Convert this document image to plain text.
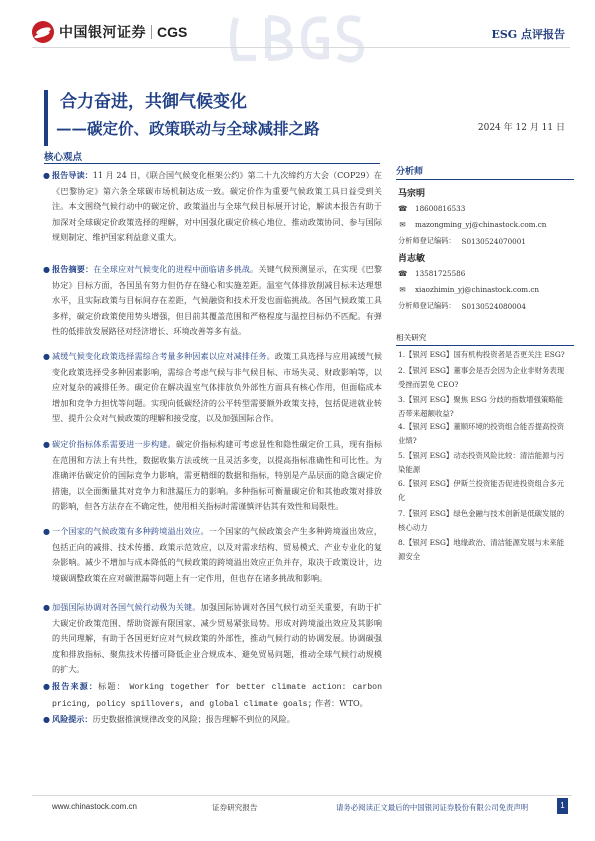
中国银河证券 CGS	ESG 点评报告
合力奋进，共御气候变化
——碳定价、政策联动与全球减排之路	2024 年 12 月 11 日
核心观点
● 报告导读：11 月 24 日，《联合国气候变化框架公约》第二十九次缔约方大会（COP29）在《巴黎协定》第六条全球碳市场机制达成一致。碳定价作为重要气候政策工具日益受到关注。本文围绕气候行动中的碳定价、政策溢出与全球气候目标展开讨论，解读本报告有助于加深对全球碳定价政策选择的理解，对中国强化碳定价核心地位、推动政策协同、参与国际规则制定、维护国家利益意义重大。
● 报告摘要：在全球应对气候变化的进程中面临诸多挑战。关键气候预测显示，在实现《巴黎协定》目标方面，各国虽有努力但仍存在缝心和实施差距。温室气体排放削减目标未达理想水平，且实际政策与目标间存在差距，气候融资和技术开发也面临挑战。各国气候政策工具多样，碳定价政策使用势头增强，但目前其覆盖范围和严格程度与温控目标仍不匹配。有弹性的低排放发展路径对经济增长、环境改善等多有益。
● 减缓气候变化政策选择需综合考量多种因素以应对减排任务。政策工具选择与应用减缓气候变化政策选择受多种因素影响，需综合考虑气候与非气候目标、市场失灵、财政影响等，以应对复杂的减排任务。碳定价在解决温室气体排放负外部性方面具有核心作用，但面临成本增加和竞争力担忧等问题。实现向低碳经济的公平转型需要额外政策支持，包括促进就业转型、提升公众对气候政策的理解和接受度，以及加强国际合作。
● 碳定价指标体系需要进一步构建。碳定价指标构建可考虑显性和隐性碳定价工具，现有指标在范围和方法上有共性，数据收集方法或统一且灵活多变，以提高指标准确性和可比性。为准确评估碳定价的国际竞争力影响，需更精细的数据和指标，特别是产品层面的隐含碳定价措施，以全面衡量其对竞争力和泄漏压力的影响。多种指标可衡量碳定价和其他政策对排放的影响，但各方法存在不确定性，使用相关指标时需谨慎评估其有效性和局限性。
● 一个国家的气候政策有多种跨境溢出效应。一个国家的气候政策会产生多种跨境溢出效应，包括正向的减排、技术传播、政策示范效应，以及对需求结构、贸易模式、产业专业化的复杂影响。减少不增加与成本降低的气候政策的跨境溢出效应正负并存，取决于政策设计，边境碳调整政策在应对碳泄漏等问题上有一定作用，但也存在诸多挑战和影响。
● 加强国际协调对各国气候行动极为关键。加强国际协调对各国气候行动至关重要，有助于扩大碳定价政策范围、帮助资源有限国家、减少贸易紧张局势。形成对跨境溢出效应及其影响的共同理解，有助于各国更好应对气候政策的外部性，推动气候行动的协调发展。协调碳强度和排放指标、聚焦技术传播可降低企业合规成本、避免贸易问题，推动全球气候行动规模的扩大。
● 报告来源：标题： Working together for better climate action: carbon pricing, policy spillovers, and global climate goals; 作者：WTO。
● 风险提示：历史数据推演规律改变的风险；报告理解不到位的风险。
分析师
马宗明
☎ 18600816533
✉ mazongming_yj@chinastock.com.cn
分析师登记编码： S0130524070001
肖志敏
☎ 13581725586
✉ xiaozhimin_yj@chinastock.com.cn
分析师登记编码： S0130524080004
相关研究
1.【银河 ESG】国有机构投资者是否更关注 ESG?
2.【银河 ESG】董事会是否会因为企业非财务表现受挫而罢免 CEO?
3.【银河 ESG】聚焦 ESG 分歧的指数增强策略能否带来超额收益?
4.【银河 ESG】董顺环境的投资组合能否提高投资业绩?
5.【银河 ESG】动态投资风险比较：清洁能源与污染能源
6.【银河 ESG】伊斯兰投资能否促进投资组合多元化
7.【银河 ESG】绿色金融与技术创新是低碳发展的核心动力
8.【银河 ESG】地缘政治、清洁能源发展与未来能源安全
www.chinastock.com.cn	证券研究报告	请务必阅读正文最后的中国银河证券股份有限公司免责声明	1
